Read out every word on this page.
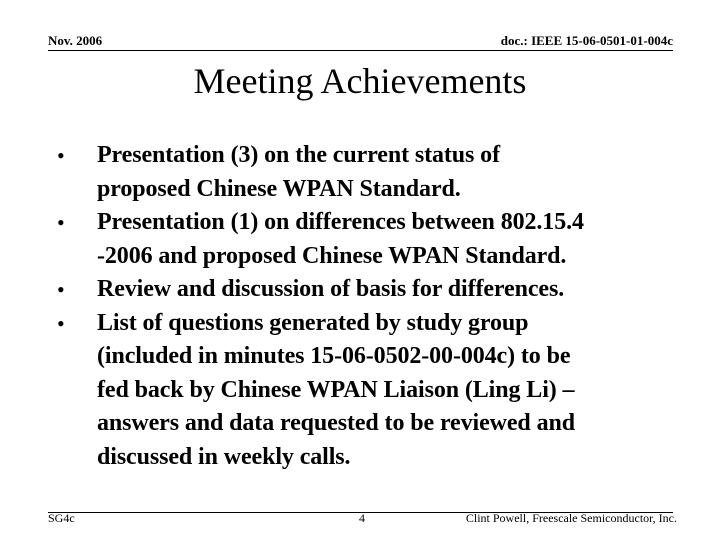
Nov. 2006	doc.: IEEE 15-06-0501-01-004c
Meeting Achievements
• Presentation (3) on the current status of
proposed Chinese WPAN Standard.
• Presentation (1) on differences between 802.15.4
-2006 and proposed Chinese WPAN Standard.
• Review and discussion of basis for differences.
• List of questions generated by study group
(included in minutes 15-06-0502-00-004c) to be
fed back by Chinese WPAN Liaison (Ling Li) –
answers and data requested to be reviewed and
discussed in weekly calls.
SG4c	4	Clint Powell, Freescale Semiconductor, Inc.
